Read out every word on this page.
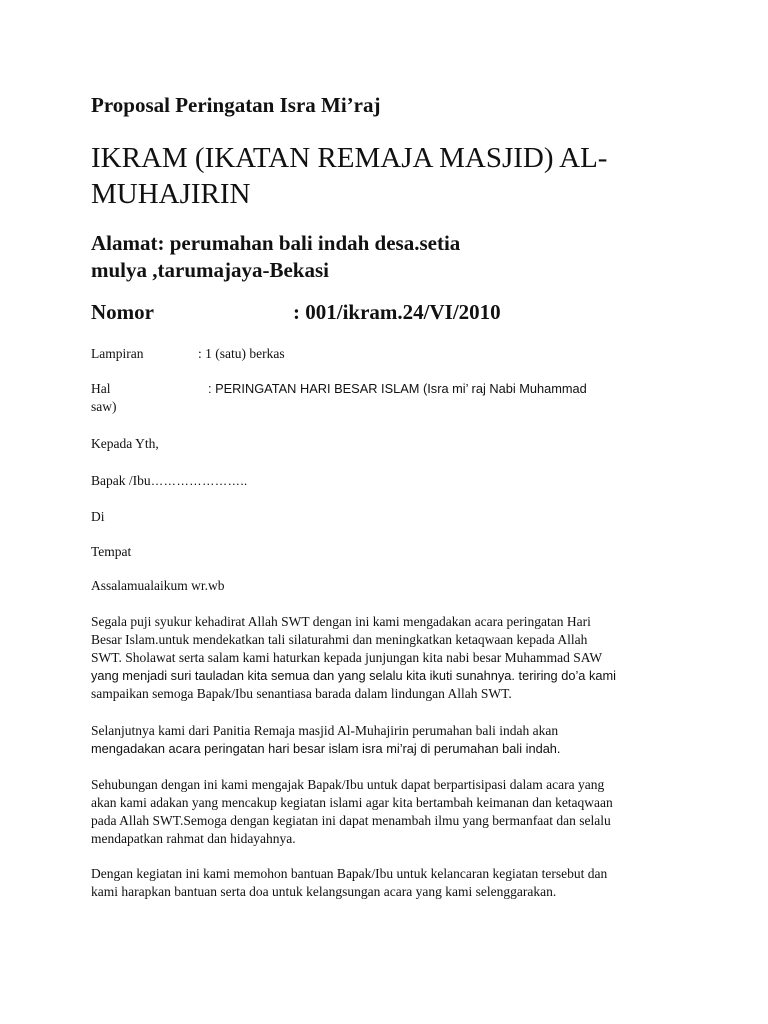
Proposal Peringatan Isra Mi’raj
IKRAM (IKATAN REMAJA MASJID) AL-
MUHAJIRIN
Alamat: perumahan bali indah desa.setia
mulya ,tarumajaya-Bekasi
Nomor	: 001/ikram.24/VI/2010
Lampiran	: 1 (satu) berkas
Hal	: PERINGATAN HARI BESAR ISLAM (Isra mi’ raj Nabi Muhammad
saw)
Kepada Yth,
Bapak /Ibu…………………..
Di
Tempat
Assalamualaikum wr.wb
Segala puji syukur kehadirat Allah SWT dengan ini kami mengadakan acara peringatan Hari
Besar Islam.untuk mendekatkan tali silaturahmi dan meningkatkan ketaqwaan kepada Allah
SWT. Sholawat serta salam kami haturkan kepada junjungan kita nabi besar Muhammad SAW
yang menjadi suri tauladan kita semua dan yang selalu kita ikuti sunahnya. teriring do’a kami
sampaikan semoga Bapak/Ibu senantiasa barada dalam lindungan Allah SWT.
Selanjutnya kami dari Panitia Remaja masjid Al-Muhajirin perumahan bali indah akan
mengadakan acara peringatan hari besar islam isra mi’raj di perumahan bali indah.
Sehubungan dengan ini kami mengajak Bapak/Ibu untuk dapat berpartisipasi dalam acara yang
akan kami adakan yang mencakup kegiatan islami agar kita bertambah keimanan dan ketaqwaan
pada Allah SWT.Semoga dengan kegiatan ini dapat menambah ilmu yang bermanfaat dan selalu
mendapatkan rahmat dan hidayahnya.
Dengan kegiatan ini kami memohon bantuan Bapak/Ibu untuk kelancaran kegiatan tersebut dan
kami harapkan bantuan serta doa untuk kelangsungan acara yang kami selenggarakan.
